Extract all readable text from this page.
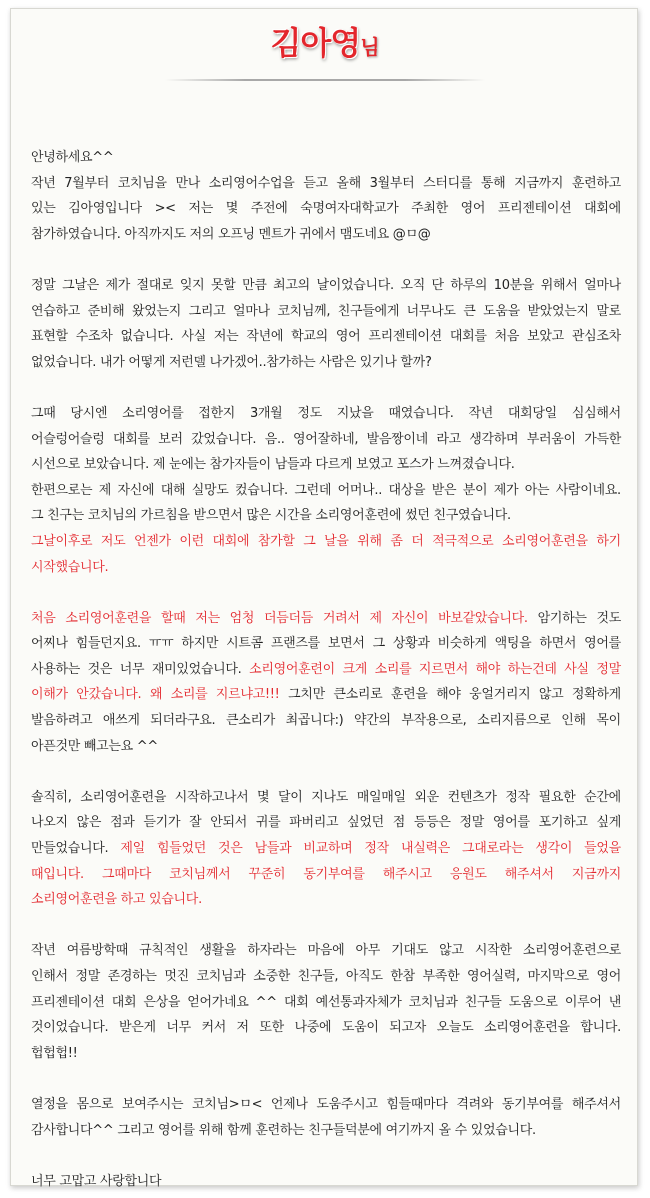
김아영님
안녕하세요^^

작년 7월부터 코치님을 만나 소리영어수업을 듣고 올해 3월부터 스터디를 통해 지금까지 훈련하고
있는 김아영입니다 >< 저는 몇 주전에 숙명여자대학교가 주최한 영어 프리젠테이션 대회에
참가하였습니다.
아직까지도
저의
오프닝
멘트가
귀에서
맴도네요
@ㅁ@

정말 그날은 제가 절대로 잊지 못할 만큼 최고의 날이었습니다. 오직 단 하루의 10분을 위해서 얼마나
연습하고 준비해 왔었는지 그리고 얼마나 코치님께, 친구들에게 너무나도 큰 도움을 받았었는지 말로
표현할 수조차 없습니다. 사실 저는 작년에 학교의 영어 프리젠테이션 대회를 처음 보았고 관심조차
없었습니다.
내가
어떻게
저런델
나가겠어..참가하는
사람은
있기나
할까?

그때 당시엔 소리영어를 접한지 3개월 정도 지났을 때였습니다. 작년 대회당일 심심해서
어슬렁어슬렁 대회를 보러 갔었습니다. 음.. 영어잘하네, 발음짱이네 라고 생각하며 부러움이 가득한
시선으로
보았습니다.
제
눈에는
참가자들이
남들과
다르게
보였고
포스가
느껴졌습니다.

한편으로는 제 자신에 대해 실망도 컸습니다. 그런데 어머나.. 대상을 받은 분이 제가 아는 사람이네요.
그
친구는
코치님의
가르침을
받으면서
많은
시간을
소리영어훈련에
썼던
친구였습니다.

그날이후로 저도 언젠가 이런 대회에 참가할 그 날을 위해 좀 더 적극적으로 소리영어훈련을 하기
시작했습니다.

처음 소리영어훈련을 할때 저는 엄청 더듬더듬 거려서 제 자신이 바보같았습니다. 암기하는 것도
어찌나 힘들던지요. ㅠㅠ 하지만 시트콤 프랜즈를 보면서 그 상황과 비슷하게 액팅을 하면서 영어를
사용하는 것은 너무 재미있었습니다. 소리영어훈련이 크게 소리를 지르면서 해야 하는건데 사실 정말
이해가 안갔습니다. 왜 소리를 지르냐고!!! 그치만 큰소리로 훈련을 해야 웅얼거리지 않고 정확하게
발음하려고 애쓰게 되더라구요. 큰소리가 최곱니다:) 약간의 부작용으로, 소리지름으로 인해 목이
아픈것만
빼고는요
^^

솔직히, 소리영어훈련을 시작하고나서 몇 달이 지나도 매일매일 외운 컨텐츠가 정작 필요한 순간에
나오지 않은 점과 듣기가 잘 안되서 귀를 파버리고 싶었던 점 등등은 정말 영어를 포기하고 싶게
만들었습니다. 제일 힘들었던 것은 남들과 비교하며 정작 내실력은 그대로라는 생각이 들었을
때입니다. 그때마다 코치님께서 꾸준히 동기부여를 해주시고 응원도 해주셔서 지금까지
소리영어훈련을
하고
있습니다.

작년 여름방학때 규칙적인 생활을 하자라는 마음에 아무 기대도 않고 시작한 소리영어훈련으로
인해서 정말 존경하는 멋진 코치님과 소중한 친구들, 아직도 한참 부족한 영어실력, 마지막으로 영어
프리젠테이션 대회 은상을 얻어가네요 ^^ 대회 예선통과자체가 코치님과 친구들 도움으로 이루어 낸
것이었습니다. 받은게 너무 커서 저 또한 나중에 도움이 되고자 오늘도 소리영어훈련을 합니다.
헙헙헙!!

열정을 몸으로 보여주시는 코치님>ㅁ< 언제나 도움주시고 힘들때마다 격려와 동기부여를 해주셔서
감사합니다^^
그리고
영어를
위해
함께
훈련하는
친구들덕분에
여기까지
올
수
있었습니다.

너무
고맙고
사랑합니다
